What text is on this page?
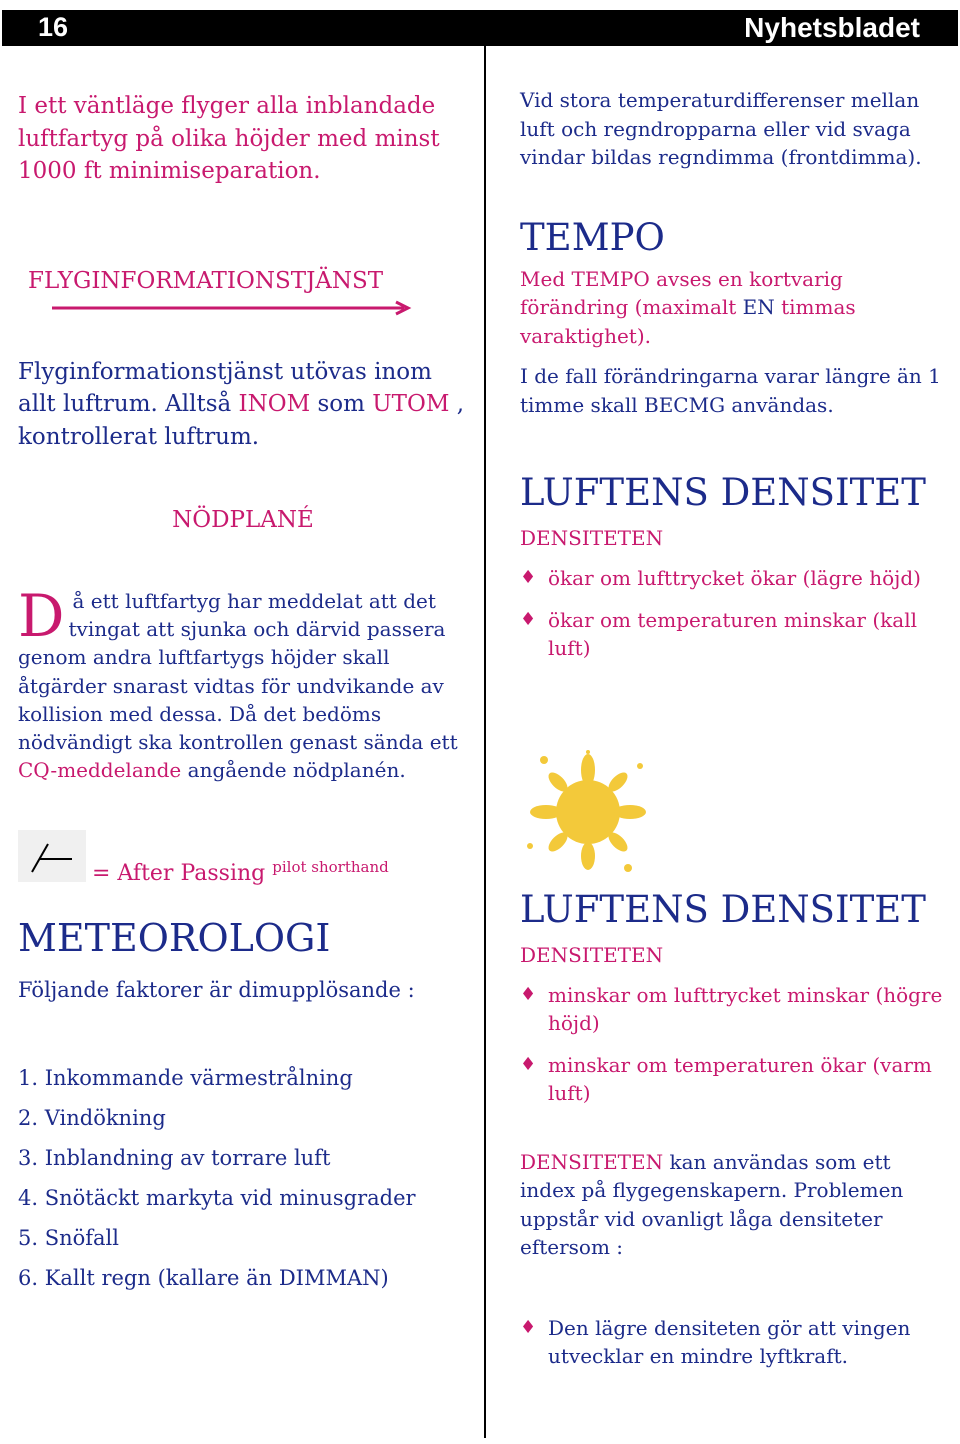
16	Nyhetsbladet

I ett väntläge flyger alla inblandade luftfartyg på olika höjder med minst 1000 ft minimiseparation.

FLYGINFORMATIONSTJÄNST

Flyginformationstjänst utövas inom allt luftrum. Alltså INOM som UTOM , kontrollerat luftrum.

NÖDPLANÉ

Då ett luftfartyg har meddelat att det tvingat att sjunka och därvid passera genom andra luftfartygs höjder skall åtgärder snarast vidtas för undvikande av kollision med dessa. Då det bedöms nödvändigt ska kontrollen genast sända ett CQ-meddelande angående nödplanén.

= After Passing $^{pilot shorthand}$
METEOROLOGI
Följande faktorer är dimupplösande :
1. Inkommande värmestrålning
2. Vindökning
3. Inblandning av torrare luft
4. Snötäckt markyta vid minusgrader
5. Snöfall
6. Kallt regn (kallare än DIMMAN)

Vid stora temperaturdifferenser mellan luft och regndropparna eller vid svaga vindar bildas regndimma (frontdimma).

TEMPO

Med TEMPO avses en kortvarig förändring (maximalt EN timmas varaktighet).

I de fall förändringarna varar längre än 1 timme skall BECMG användas.

LUFTENS DENSITET
DENSITETEN
♦ ökar om lufttrycket ökar (lägre höjd)
♦ ökar om temperaturen minskar (kall luft)
LUFTENS DENSITET
DENSITETEN
♦ minskar om lufttrycket minskar (högre höjd)
♦ minskar om temperaturen ökar (varm luft)

DENSITETEN kan användas som ett index på flygegenskapern. Problemen uppstår vid ovanligt låga densiteter eftersom :

♦ Den lägre densiteten gör att vingen utvecklar en mindre lyftkraft.
